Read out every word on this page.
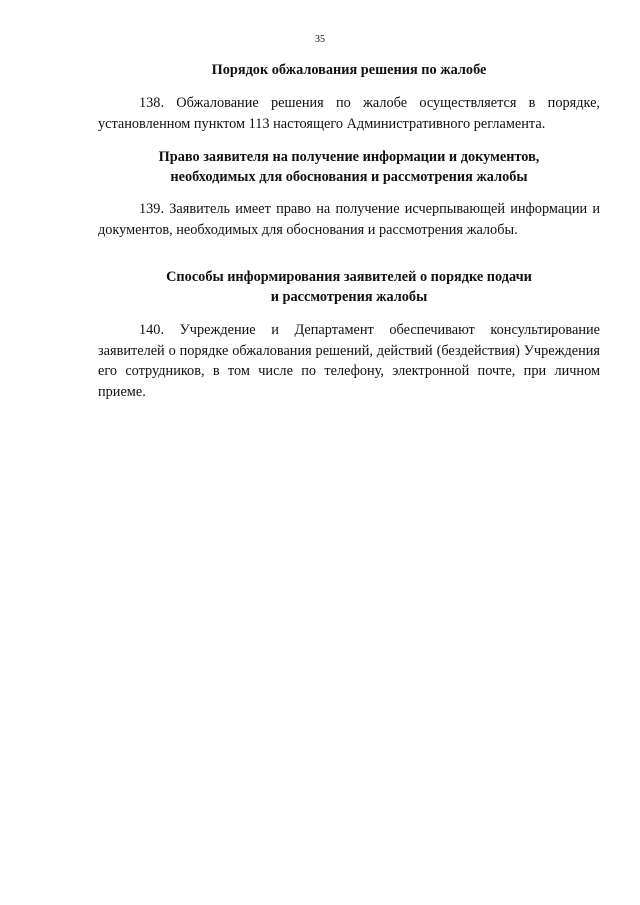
35
Порядок обжалования решения по жалобе

138. Обжалование решения по жалобе осуществляется в порядке, установленном пунктом 113 настоящего Административного регламента.

Право заявителя на получение информации и документов,
необходимых для обоснования и рассмотрения жалобы

139. Заявитель имеет право на получение исчерпывающей информации и документов, необходимых для обоснования и рассмотрения жалобы.

Способы информирования заявителей о порядке подачи
и рассмотрения жалобы

140. Учреждение и Департамент обеспечивают консультирование заявителей о порядке обжалования решений, действий (бездействия) Учреждения его сотрудников, в том числе по телефону, электронной почте, при личном приеме.
